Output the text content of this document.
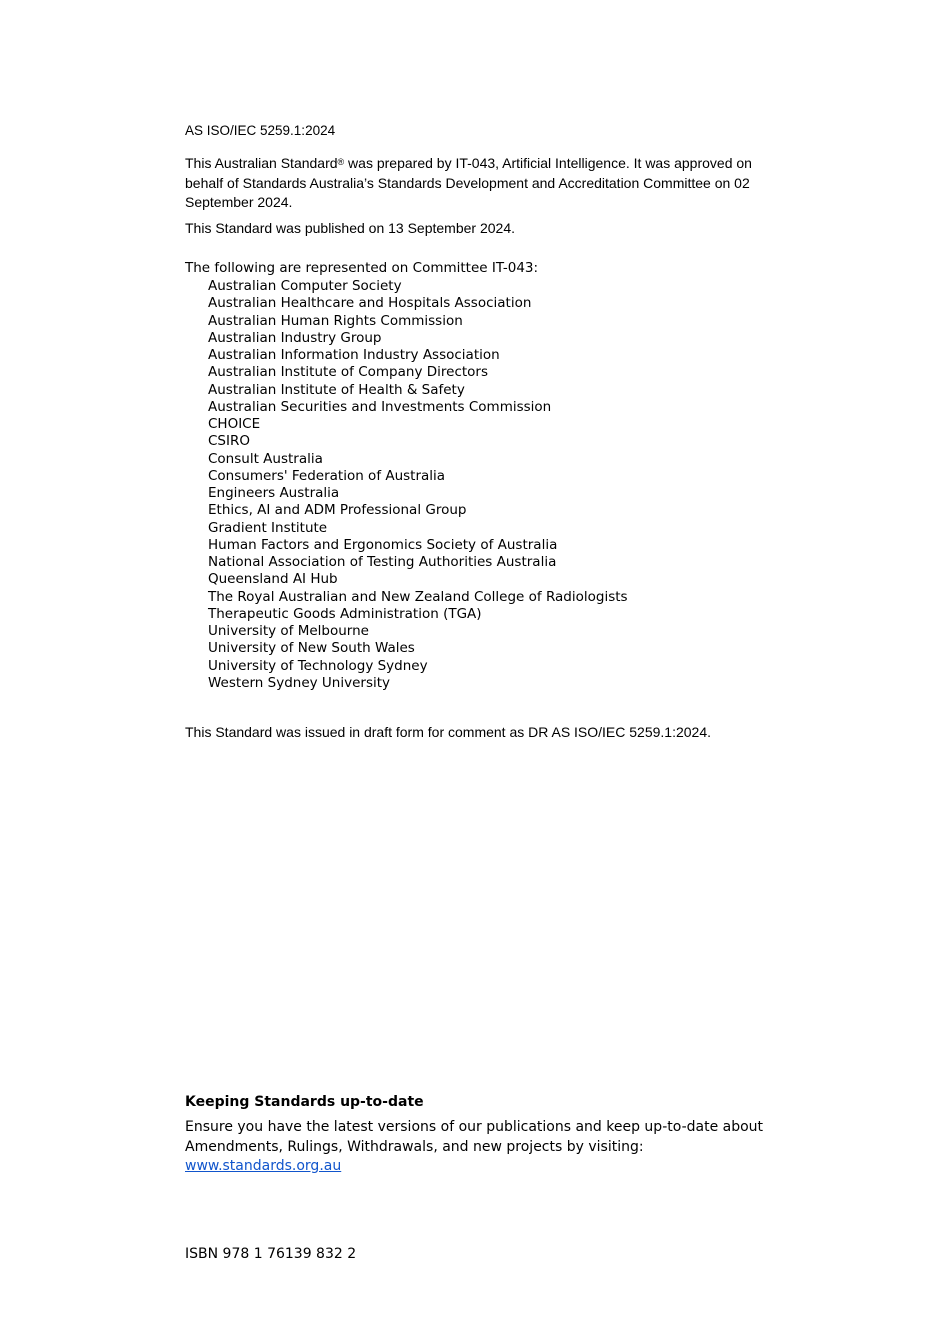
AS ISO/IEC 5259.1:2024

This Australian Standard® was prepared by IT-043, Artificial Intelligence. It was approved on behalf of Standards Australia’s Standards Development and Accreditation Committee on 02 September 2024.

This Standard was published on 13 September 2024.
The following are represented on Committee IT-043:
Australian Computer Society
Australian Healthcare and Hospitals Association
Australian Human Rights Commission
Australian Industry Group
Australian Information Industry Association
Australian Institute of Company Directors
Australian Institute of Health & Safety
Australian Securities and Investments Commission
CHOICE
CSIRO
Consult Australia
Consumers' Federation of Australia
Engineers Australia
Ethics, AI and ADM Professional Group
Gradient Institute
Human Factors and Ergonomics Society of Australia
National Association of Testing Authorities Australia
Queensland AI Hub
The Royal Australian and New Zealand College of Radiologists
Therapeutic Goods Administration (TGA)
University of Melbourne
University of New South Wales
University of Technology Sydney
Western Sydney University
This Standard was issued in draft form for comment as DR AS ISO/IEC 5259.1:2024.
Keeping Standards up-to-date
Ensure you have the latest versions of our publications and keep up-to-date about Amendments, Rulings, Withdrawals, and new projects by visiting:
www.standards.org.au
ISBN 978 1 76139 832 2
